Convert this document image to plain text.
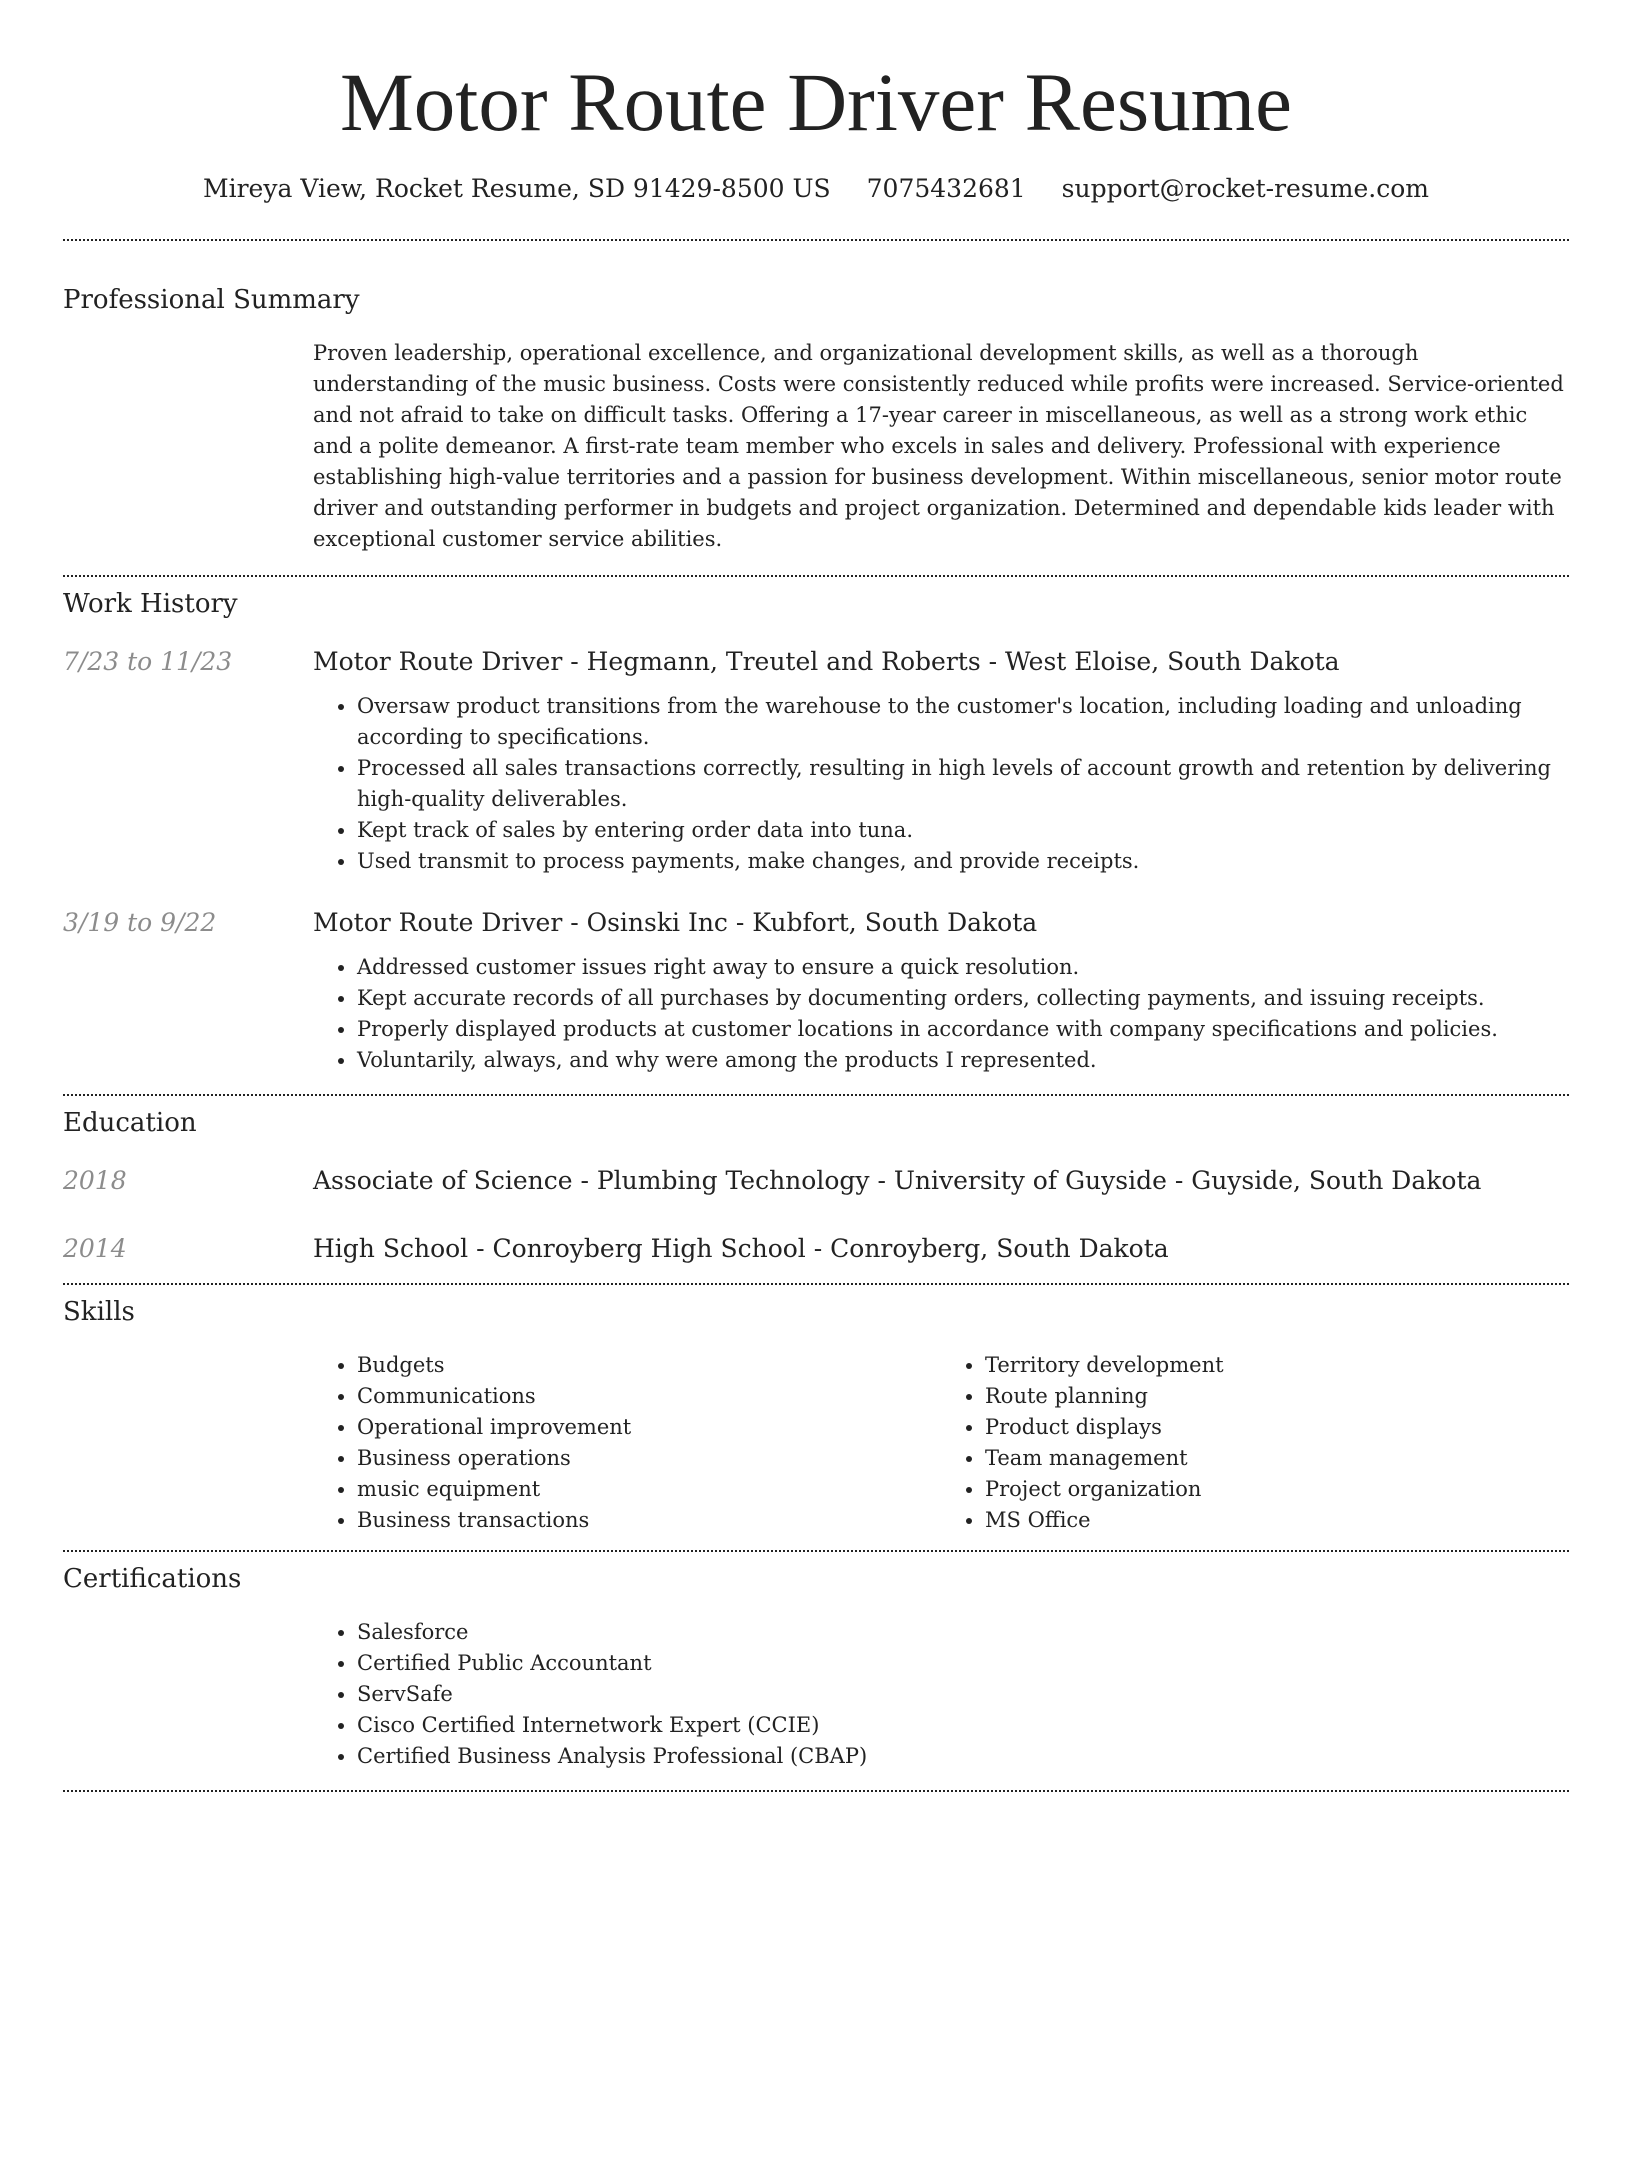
Motor Route Driver Resume
Mireya View, Rocket Resume, SD 91429-8500 US 7075432681 support@rocket-resume.com
Professional Summary

Proven leadership, operational excellence, and organizational development skills, as well as a thorough understanding of the music business. Costs were consistently reduced while profits were increased. Service-oriented and not afraid to take on difficult tasks. Offering a 17-year career in miscellaneous, as well as a strong work ethic and a polite demeanor. A first-rate team member who excels in sales and delivery. Professional with experience establishing high-value territories and a passion for business development. Within miscellaneous, senior motor route driver and outstanding performer in budgets and project organization. Determined and dependable kids leader with exceptional customer service abilities.

Work History
7/23 to 11/23	Motor Route Driver - Hegmann, Treutel and Roberts - West Eloise, South Dakota
• Oversaw product transitions from the warehouse to the customer's location, including loading and unloading according to specifications.
• Processed all sales transactions correctly, resulting in high levels of account growth and retention by delivering high-quality deliverables.
• Kept track of sales by entering order data into tuna.
• Used transmit to process payments, make changes, and provide receipts.
3/19 to 9/22	Motor Route Driver - Osinski Inc - Kubfort, South Dakota
• Addressed customer issues right away to ensure a quick resolution.
• Kept accurate records of all purchases by documenting orders, collecting payments, and issuing receipts.
• Properly displayed products at customer locations in accordance with company specifications and policies.
• Voluntarily, always, and why were among the products I represented.
Education
2018	Associate of Science - Plumbing Technology - University of Guyside - Guyside, South Dakota
2014	High School - Conroyberg High School - Conroyberg, South Dakota
Skills
• Budgets
• Communications
• Operational improvement
• Business operations
• music equipment
• Business transactions
• Territory development
• Route planning
• Product displays
• Team management
• Project organization
• MS Office
Certifications
• Salesforce
• Certified Public Accountant
• ServSafe
• Cisco Certified Internetwork Expert (CCIE)
• Certified Business Analysis Professional (CBAP)
